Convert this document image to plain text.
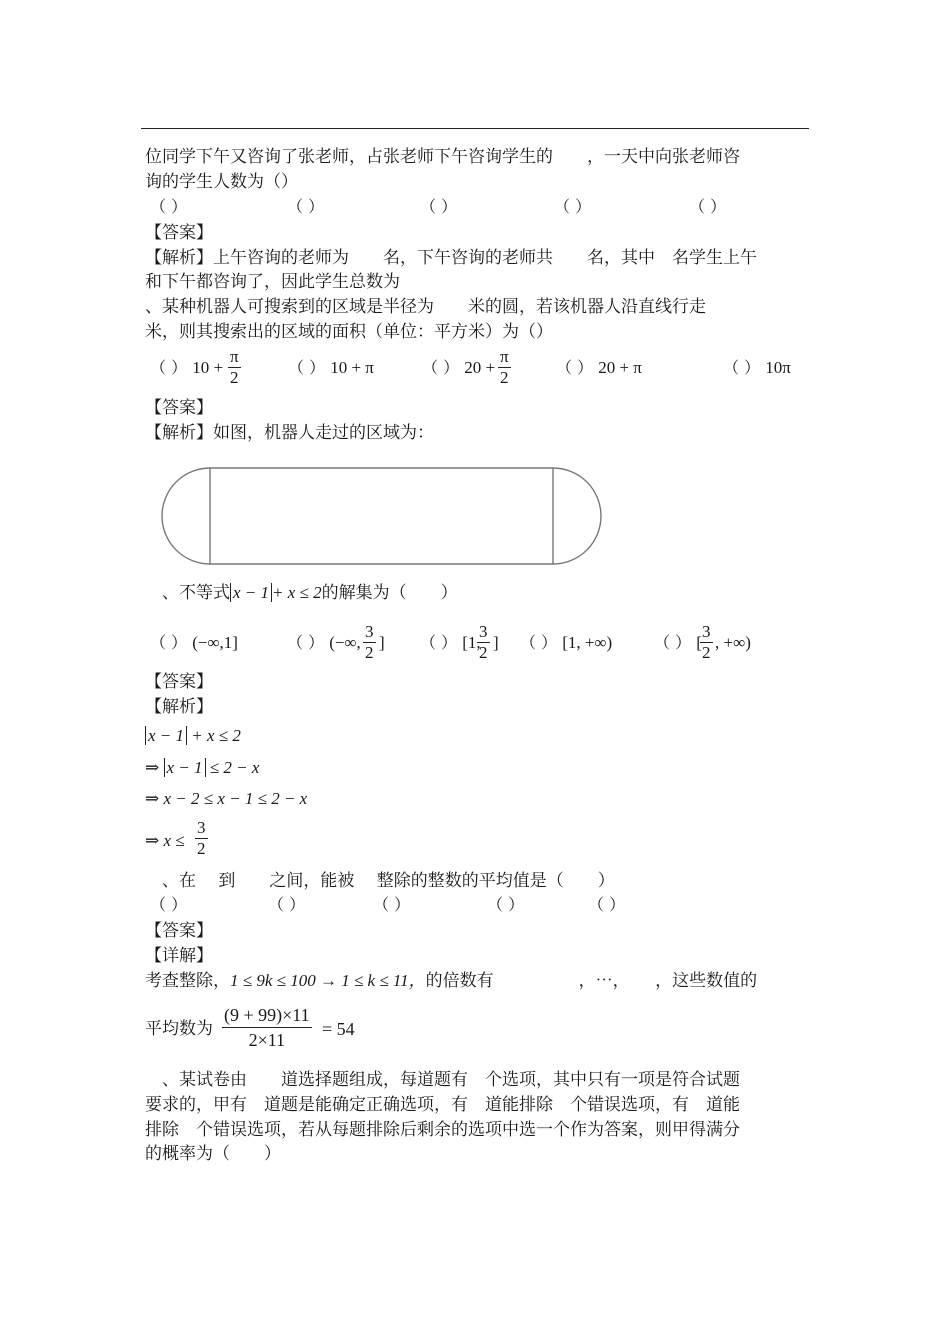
位同学下午又咨询了张老师，占张老师下午咨询学生的　　，一天中向张老师咨
询的学生人数为（）
（ ）	（ ）	（ ）	（ ）	（ ）
【答案】
【解析】上午咨询的老师为　　名，下午咨询的老师共　　名，其中　名学生上午
和下午都咨询了，因此学生总数为
、某种机器人可搜索到的区域是半径为　　米的圆，若该机器人沿直线行走
米，则其搜索出的区域的面积（单位：平方米）为（）
（ ） $10 + \frac{\pi}{2}$	（ ） 10 + π	（ ） $20 + \frac{\pi}{2}$	（ ） 20 + π	（ ） 10π
【答案】
【解析】如图，机器人走过的区域为：
、不等式 x − 1 + x ≤ 2的解集为（　　）
（ ） (−∞,1]	（ ） (−∞, $\frac{3}{2}$ ] （ ） [1,
$\frac{3}{2}$ ] （ ） [1, +∞)	（ ） [
$\frac{3}{2}$ , +∞)
【答案】
【解析】
x − 1 + x ≤ 2
⇒ x − 1 ≤ 2 − x
⇒ x − 2 ≤ x − 1 ≤ 2 − x
⇒ $x \le \frac{3}{2}$
、在　 到　　之间，能被　 整除的整数的平均值是（　　）
（ ）	（ ）	（ ）	（ ）	（ ）
【答案】
【详解】
考查整除，1 ≤ 9k ≤ 100 → 1 ≤ k ≤ 11，的倍数有　　　　　，⋯，　　，这些数值的
平均数为 $\frac{(9 + 99)\times 11}{2\times 11} = 54$
、某试卷由　　道选择题组成，每道题有　个选项，其中只有一项是符合试题
要求的，甲有　道题是能确定正确选项，有　道能排除　个错误选项，有　道能
排除　个错误选项，若从每题排除后剩余的选项中选一个作为答案，则甲得满分
的概率为（　　）
